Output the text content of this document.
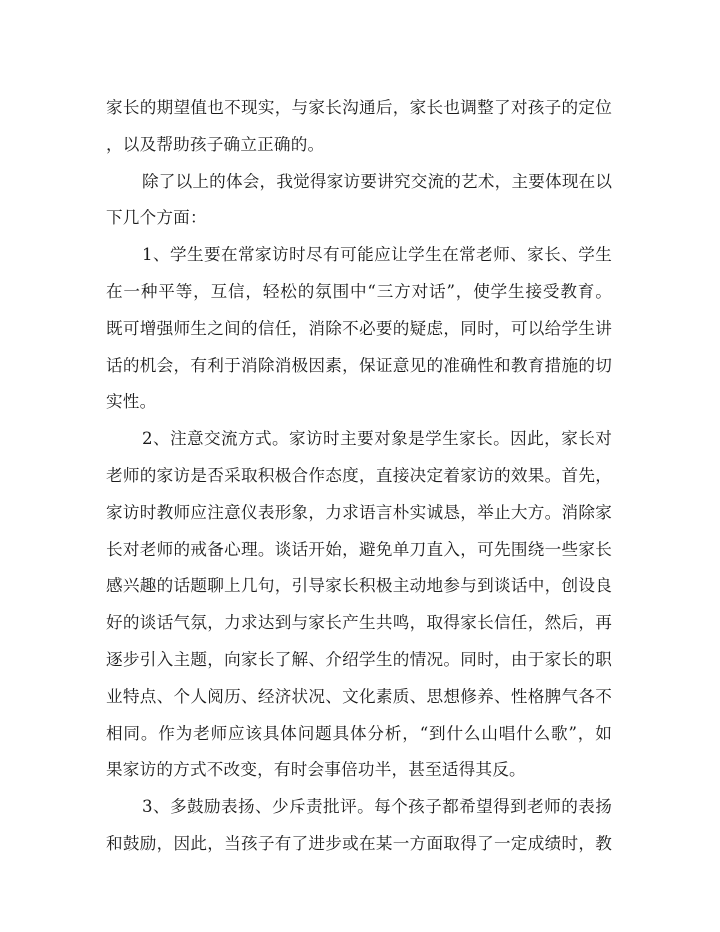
家长的期望值也不现实，与家长沟通后，家长也调整了对孩子的定位
，以及帮助孩子确立正确的。
除了以上的体会，我觉得家访要讲究交流的艺术，主要体现在以
下几个方面：
1、学生要在常家访时尽有可能应让学生在常老师、家长、学生
在一种平等，互信，轻松的氛围中“三方对话”，使学生接受教育。
既可增强师生之间的信任，消除不必要的疑虑，同时，可以给学生讲
话的机会，有利于消除消极因素，保证意见的准确性和教育措施的切
实性。
2、注意交流方式。家访时主要对象是学生家长。因此，家长对
老师的家访是否采取积极合作态度，直接决定着家访的效果。首先，
家访时教师应注意仪表形象，力求语言朴实诚恳，举止大方。消除家
长对老师的戒备心理。谈话开始，避免单刀直入，可先围绕一些家长
感兴趣的话题聊上几句，引导家长积极主动地参与到谈话中，创设良
好的谈话气氛，力求达到与家长产生共鸣，取得家长信任，然后，再
逐步引入主题，向家长了解、介绍学生的情况。同时，由于家长的职
业特点、个人阅历、经济状况、文化素质、思想修养、性格脾气各不
相同。作为老师应该具体问题具体分析，“到什么山唱什么歌”，如
果家访的方式不改变，有时会事倍功半，甚至适得其反。
3、多鼓励表扬、少斥责批评。每个孩子都希望得到老师的表扬
和鼓励，因此，当孩子有了进步或在某一方面取得了一定成绩时，教
